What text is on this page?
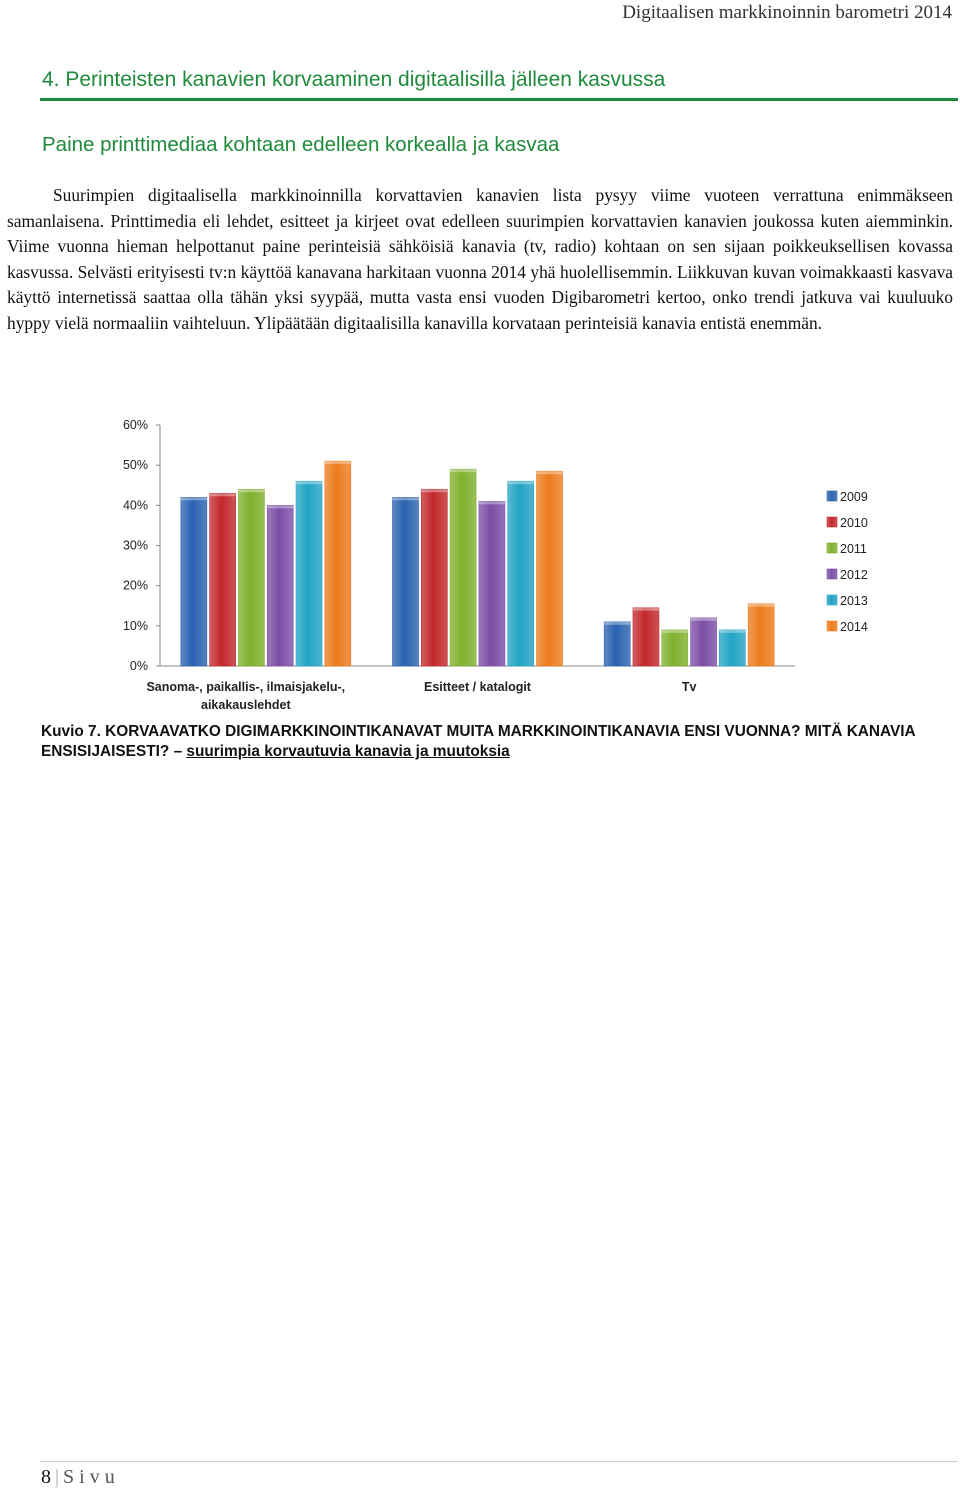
Digitaalisen markkinoinnin barometri 2014
4. Perinteisten kanavien korvaaminen digitaalisilla jälleen kasvussa
Paine printtimediaa kohtaan edelleen korkealla ja kasvaa
Suurimpien digitaalisella markkinoinnilla korvattavien kanavien lista pysyy viime vuoteen verrattuna enimmäkseen samanlaisena. Printtimedia eli lehdet, esitteet ja kirjeet ovat edelleen suurimpien korvattavien kanavien joukossa kuten aiemminkin. Viime vuonna hieman helpottanut paine perinteisiä sähköisiä kanavia (tv, radio) kohtaan on sen sijaan poikkeuksellisen kovassa kasvussa. Selvästi erityisesti tv:n käyttöä kanavana harkitaan vuonna 2014 yhä huolellisemmin. Liikkuvan kuvan voimakkaasti kasvava käyttö internetissä saattaa olla tähän yksi syypää, mutta vasta ensi vuoden Digibarometri kertoo, onko trendi jatkuva vai kuuluuko hyppy vielä normaaliin vaihteluun. Ylipäätään digitaalisilla kanavilla korvataan perinteisiä kanavia entistä enemmän.
0%
10%
20%
30%
40%
50%
60%
Sanoma-, paikallis-, ilmaisjakelu-,
aikakauslehdet
Esitteet / katalogit	Tv
2009
2010
2011
2012
2013
2014
Kuvio 7. KORVAAVATKO DIGIMARKKINOINTIKANAVAT MUITA MARKKINOINTIKANAVIA ENSI VUONNA? MITÄ KANAVIA ENSISIJAISESTI? – suurimpia korvautuvia kanavia ja muutoksia
8 | Sivu
